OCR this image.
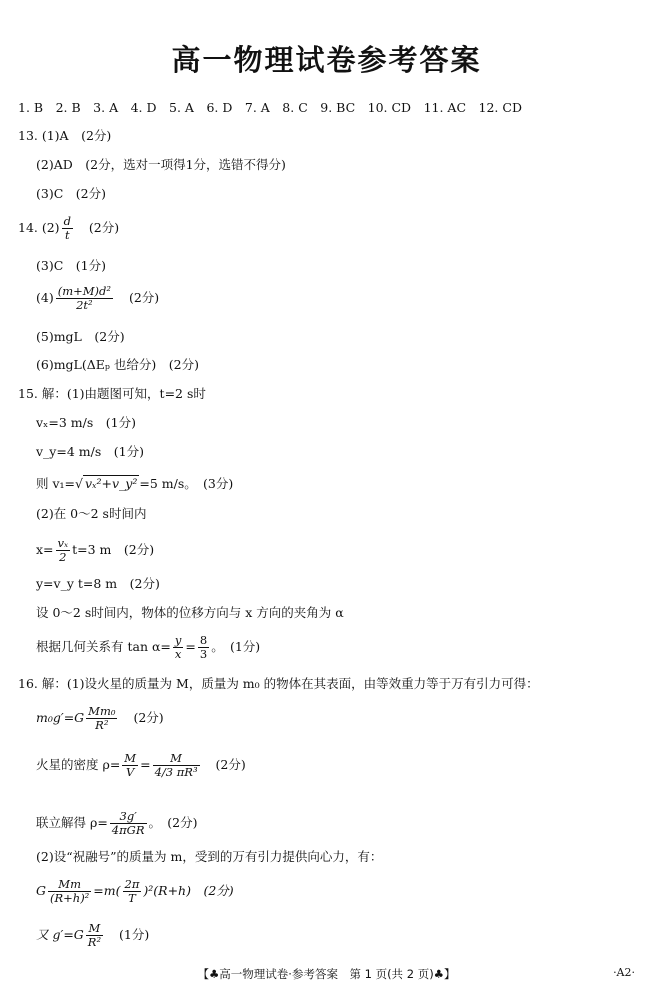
高一物理试卷参考答案
1. B　2. B　3. A　4. D　5. A　6. D　7. A　8. C　9. BC　10. CD　11. AC　12. CD
13. (1)A　(2分)
(2)AD　(2分，选对一项得1分，选错不得分)
(3)C　(2分)
14. $(2) \frac{d}{t} (2$分)
(3)C　(1分)
$(4) \frac{\text{(m+M)d²}}{\text{2t²}} (2$分)
(5)mgL　(2分)
(6)mgL(ΔEₚ 也给分)　(2分)
15. 解：(1)由题图可知，t=2 s时
vₓ=3 m/s　(1分)
v_y=4 m/s　(1分)
则 v₁=√ vₓ²+v_y² =5 m/s。　(3分)
(2)在 0～2 s时间内
$x= \frac{\text{vₓ}}{2} t=3$ m　(2分)
y=v_y t=8 m　(2分)
设 0～2 s时间内，物体的位移方向与 x 方向的夹角为 α
根据几何关系有 $\tan \alpha= \frac{y}{x} = \frac{8}{3}$ 。　(1分)
16. 解：(1)设火星的质量为 M，质量为 m₀ 的物体在其表面，由等效重力等于万有引力可得：
$m_0g'=G \frac{\text{Mm₀}}{\text{R²}} (2$分)
火星的密度 $\rho= \frac{M}{V} = \frac{M}{\text{4/3 πR³}} (2$分)
联立解得 $\rho= \frac{3g'}{\text{4πGR}}$ 。　(2分)
(2)设“祝融号”的质量为 m，受到的万有引力提供向心力，有：
G $\frac{Mm}{\text{(R+h)²}} =m( \frac{2\pi}{T} )^2(R+h)$　(2分)
又 $g'=G \frac{M}{\text{R²}} (1$分)
【♣高一物理试卷·参考答案　第 1 页(共 2 页)♣】	·A2·
